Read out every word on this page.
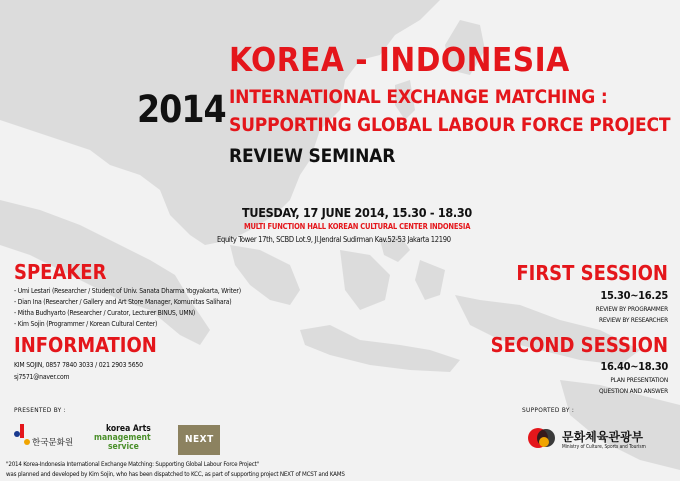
KOREA - INDONESIA
2014 INTERNATIONAL EXCHANGE MATCHING :
SUPPORTING GLOBAL LABOUR FORCE PROJECT
REVIEW SEMINAR
TUESDAY, 17 JUNE 2014, 15.30 - 18.30
MULTI FUNCTION HALL KOREAN CULTURAL CENTER INDONESIA
Equity Tower 17th, SCBD Lot.9, Jl.Jendral Sudirman Kav.52-53 Jakarta 12190
SPEAKER
- Umi Lestari (Researcher / Student of Univ. Sanata Dharma Yogyakarta, Writer)
- Dian Ina (Researcher / Gallery and Art Store Manager, Komunitas Salihara)
- Mitha Budhyarto (Researcher / Curator, Lecturer BINUS, UMN)
- Kim Sojin (Programmer / Korean Cultural Center)
INFORMATION
KIM SOJIN, 0857 7840 3033 / 021 2903 5650
sj7571@naver.com
FIRST SESSION
15.30~16.25
REVIEW BY PROGRAMMER
REVIEW BY RESEARCHER
SECOND SESSION
16.40~18.30
PLAN PRESENTATION
QUESTION AND ANSWER
PRESENTED BY :
한국문화원
korea Arts
management
service
NEXT
SUPPORTED BY :
문화체육관광부
Ministry of Culture, Sports and Tourism
"2014 Korea-Indonesia International Exchange Matching: Supporting Global Labour Force Project"
was planned and developed by Kim Sojin, who has been dispatched to KCC, as part of supporting project NEXT of MCST and KAMS
